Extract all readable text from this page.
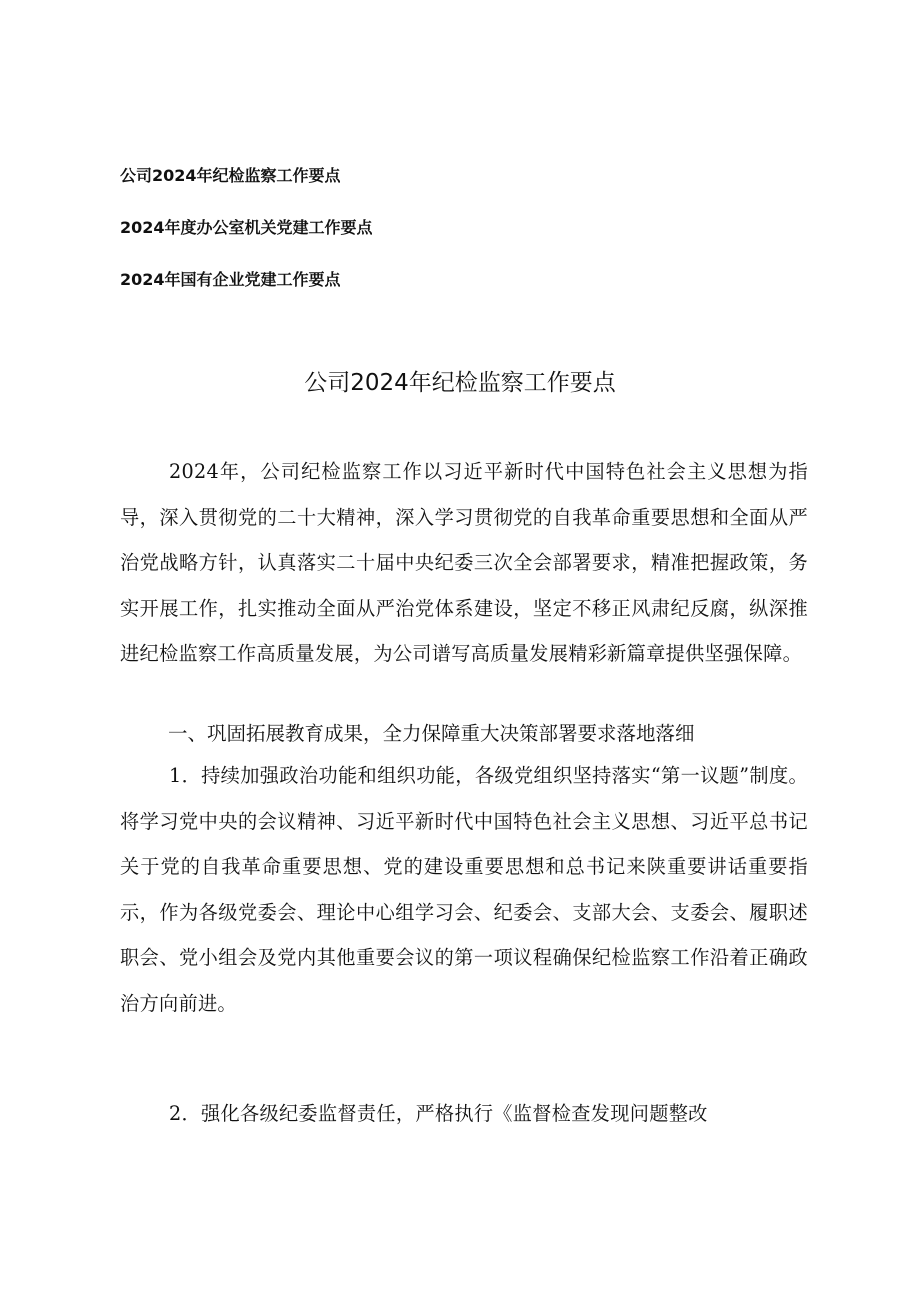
公司2024年纪检监察工作要点
2024年度办公室机关党建工作要点
2024年国有企业党建工作要点
公司2024年纪检监察工作要点
2024年，公司纪检监察工作以习近平新时代中国特色社会主义思想为指导，深入贯彻党的二十大精神，深入学习贯彻党的自我革命重要思想和全面从严治党战略方针，认真落实二十届中央纪委三次全会部署要求，精准把握政策，务实开展工作，扎实推动全面从严治党体系建设，坚定不移正风肃纪反腐，纵深推进纪检监察工作高质量发展，为公司谱写高质量发展精彩新篇章提供坚强保障。
一、巩固拓展教育成果，全力保障重大决策部署要求落地落细
1．持续加强政治功能和组织功能，各级党组织坚持落实“第一议题”制度。将学习党中央的会议精神、习近平新时代中国特色社会主义思想、习近平总书记关于党的自我革命重要思想、党的建设重要思想和总书记来陕重要讲话重要指示，作为各级党委会、理论中心组学习会、纪委会、支部大会、支委会、履职述职会、党小组会及党内其他重要会议的第一项议程确保纪检监察工作沿着正确政治方向前进。
2．强化各级纪委监督责任，严格执行《监督检查发现问题整改
